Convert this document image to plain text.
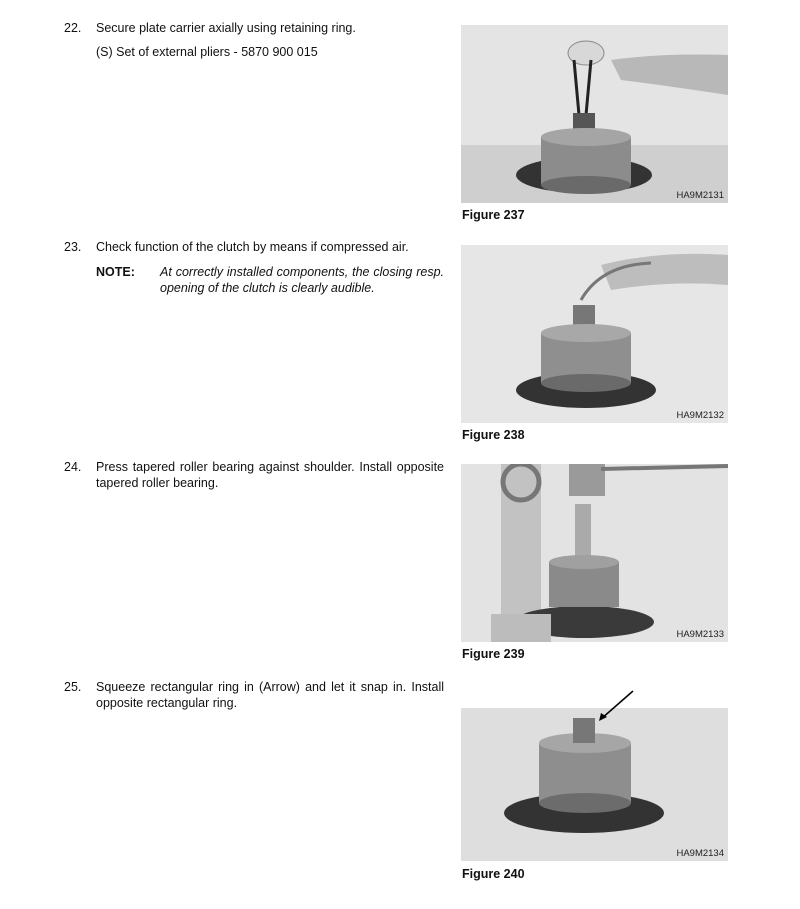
22.	Secure plate carrier axially using retaining ring.

(S) Set of external pliers - 5870 900 015

HA9M2131
Figure 237
23.	Check function of the clutch by means if compressed air.

NOTE: At correctly installed components, the closing resp. opening of the clutch is clearly audible.
HA9M2132
Figure 238
24.	Press tapered roller bearing against shoulder. Install opposite tapered roller bearing.

HA9M2133
Figure 239
25.	Squeeze rectangular ring in (Arrow) and let it snap in. Install opposite rectangular ring.

HA9M2134
Figure 240
